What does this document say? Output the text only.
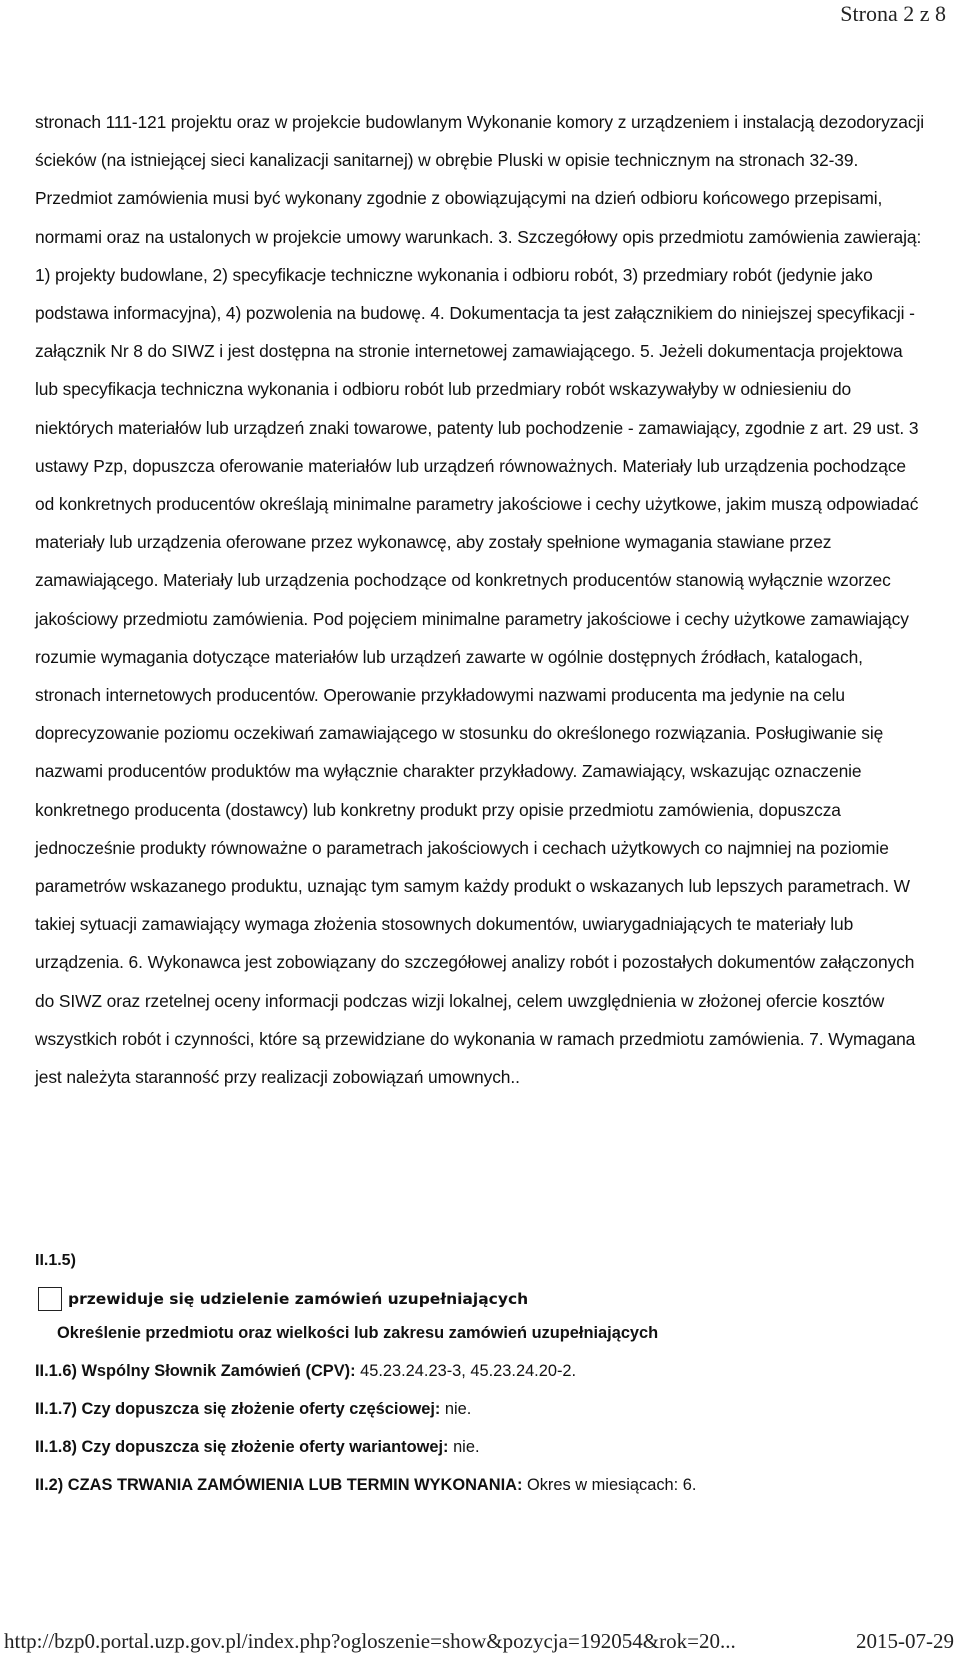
Strona 2 z 8

stronach 111-121 projektu oraz w projekcie budowlanym Wykonanie komory z urządzeniem i instalacją dezodoryzacji ścieków (na istniejącej sieci kanalizacji sanitarnej) w obrębie Pluski w opisie technicznym na stronach 32-39. Przedmiot zamówienia musi być wykonany zgodnie z obowiązującymi na dzień odbioru końcowego przepisami, normami oraz na ustalonych w projekcie umowy warunkach. 3. Szczegółowy opis przedmiotu zamówienia zawierają: 1) projekty budowlane, 2) specyfikacje techniczne wykonania i odbioru robót, 3) przedmiary robót (jedynie jako podstawa informacyjna), 4) pozwolenia na budowę. 4. Dokumentacja ta jest załącznikiem do niniejszej specyfikacji - załącznik Nr 8 do SIWZ i jest dostępna na stronie internetowej zamawiającego. 5. Jeżeli dokumentacja projektowa lub specyfikacja techniczna wykonania i odbioru robót lub przedmiary robót wskazywałyby w odniesieniu do niektórych materiałów lub urządzeń znaki towarowe, patenty lub pochodzenie - zamawiający, zgodnie z art. 29 ust. 3 ustawy Pzp, dopuszcza oferowanie materiałów lub urządzeń równoważnych. Materiały lub urządzenia pochodzące od konkretnych producentów określają minimalne parametry jakościowe i cechy użytkowe, jakim muszą odpowiadać materiały lub urządzenia oferowane przez wykonawcę, aby zostały spełnione wymagania stawiane przez zamawiającego. Materiały lub urządzenia pochodzące od konkretnych producentów stanowią wyłącznie wzorzec jakościowy przedmiotu zamówienia. Pod pojęciem minimalne parametry jakościowe i cechy użytkowe zamawiający rozumie wymagania dotyczące materiałów lub urządzeń zawarte w ogólnie dostępnych źródłach, katalogach, stronach internetowych producentów. Operowanie przykładowymi nazwami producenta ma jedynie na celu doprecyzowanie poziomu oczekiwań zamawiającego w stosunku do określonego rozwiązania. Posługiwanie się nazwami producentów produktów ma wyłącznie charakter przykładowy. Zamawiający, wskazując oznaczenie konkretnego producenta (dostawcy) lub konkretny produkt przy opisie przedmiotu zamówienia, dopuszcza jednocześnie produkty równoważne o parametrach jakościowych i cechach użytkowych co najmniej na poziomie parametrów wskazanego produktu, uznając tym samym każdy produkt o wskazanych lub lepszych parametrach. W takiej sytuacji zamawiający wymaga złożenia stosownych dokumentów, uwiarygadniających te materiały lub urządzenia. 6. Wykonawca jest zobowiązany do szczegółowej analizy robót i pozostałych dokumentów załączonych do SIWZ oraz rzetelnej oceny informacji podczas wizji lokalnej, celem uwzględnienia w złożonej ofercie kosztów wszystkich robót i czynności, które są przewidziane do wykonania w ramach przedmiotu zamówienia. 7. Wymagana jest należyta staranność przy realizacji zobowiązań umownych..

II.1.5)
przewiduje się udzielenie zamówień uzupełniających
Określenie przedmiotu oraz wielkości lub zakresu zamówień uzupełniających
II.1.6) Wspólny Słownik Zamówień (CPV): 45.23.24.23-3, 45.23.24.20-2.
II.1.7) Czy dopuszcza się złożenie oferty częściowej: nie.
II.1.8) Czy dopuszcza się złożenie oferty wariantowej: nie.
II.2) CZAS TRWANIA ZAMÓWIENIA LUB TERMIN WYKONANIA: Okres w miesiącach: 6.
http://bzp0.portal.uzp.gov.pl/index.php?ogloszenie=show&pozycja=192054&rok=20...	2015-07-29
